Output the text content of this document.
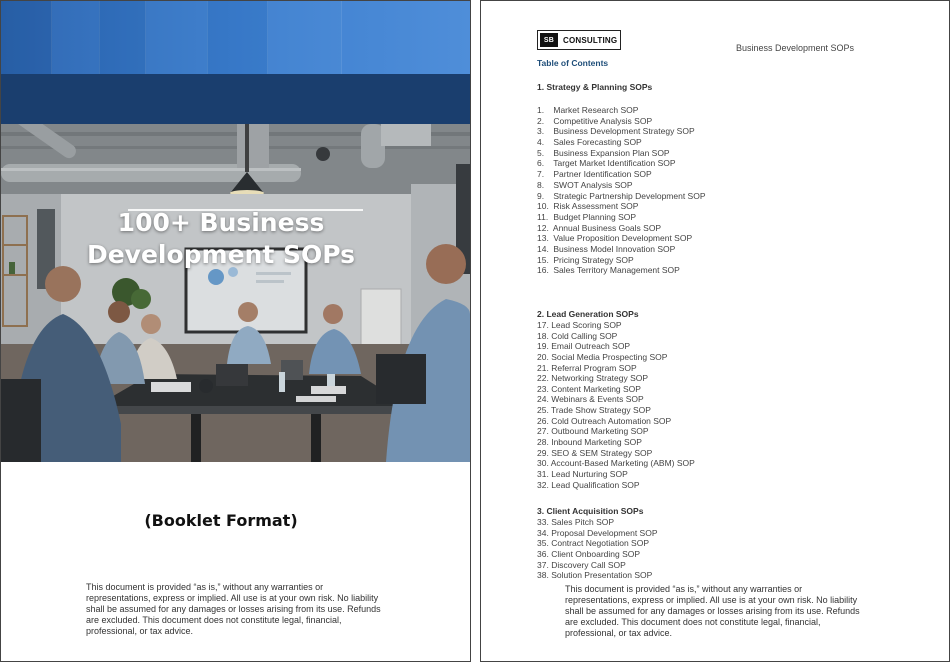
100+ Business
Development SOPs
(Booklet Format)
This document is provided “as is,” without any warranties or representations, express or implied. All use is at your own risk. No liability shall be assumed for any damages or losses arising from its use. Refunds are excluded. This document does not constitute legal, financial, professional, or tax advice.
SB	CONSULTING
Business Development SOPs
Table of Contents
1. Strategy & Planning SOPs
1. Market Research SOP
2. Competitive Analysis SOP
3. Business Development Strategy SOP
4. Sales Forecasting SOP
5. Business Expansion Plan SOP
6. Target Market Identification SOP
7. Partner Identification SOP
8. SWOT Analysis SOP
9. Strategic Partnership Development SOP
10. Risk Assessment SOP
11. Budget Planning SOP
12. Annual Business Goals SOP
13. Value Proposition Development SOP
14. Business Model Innovation SOP
15. Pricing Strategy SOP
16. Sales Territory Management SOP
2. Lead Generation SOPs
17. Lead Scoring SOP
18. Cold Calling SOP
19. Email Outreach SOP
20. Social Media Prospecting SOP
21. Referral Program SOP
22. Networking Strategy SOP
23. Content Marketing SOP
24. Webinars & Events SOP
25. Trade Show Strategy SOP
26. Cold Outreach Automation SOP
27. Outbound Marketing SOP
28. Inbound Marketing SOP
29. SEO & SEM Strategy SOP
30. Account-Based Marketing (ABM) SOP
31. Lead Nurturing SOP
32. Lead Qualification SOP
3. Client Acquisition SOPs
33. Sales Pitch SOP
34. Proposal Development SOP
35. Contract Negotiation SOP
36. Client Onboarding SOP
37. Discovery Call SOP
38. Solution Presentation SOP
This document is provided “as is,” without any warranties or representations, express or implied. All use is at your own risk. No liability shall be assumed for any damages or losses arising from its use. Refunds are excluded. This document does not constitute legal, financial, professional, or tax advice.
